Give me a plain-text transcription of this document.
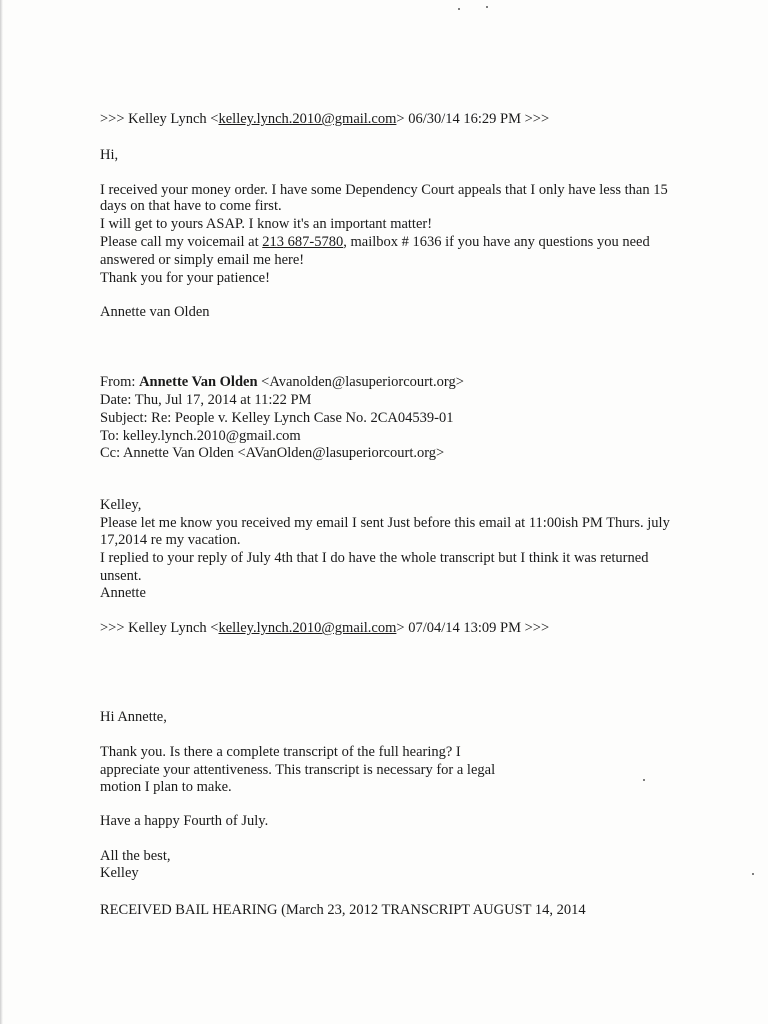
>>> Kelley Lynch <kelley.lynch.2010@gmail.com> 06/30/14 16:29 PM >>>
Hi,
I received your money order. I have some Dependency Court appeals that I only have less than 15
days on that have to come first.
I will get to yours ASAP. I know it's an important matter!
Please call my voicemail at 213 687-5780, mailbox # 1636 if you have any questions you need
answered or simply email me here!
Thank you for your patience!
Annette van Olden
From: Annette Van Olden <Avanolden@lasuperiorcourt.org>
Date: Thu, Jul 17, 2014 at 11:22 PM
Subject: Re: People v. Kelley Lynch Case No. 2CA04539-01
To: kelley.lynch.2010@gmail.com
Cc: Annette Van Olden <AVanOlden@lasuperiorcourt.org>
Kelley,
Please let me know you received my email I sent Just before this email at 11:00ish PM Thurs. july
17,2014 re my vacation.
I replied to your reply of July 4th that I do have the whole transcript but I think it was returned
unsent.
Annette
>>> Kelley Lynch <kelley.lynch.2010@gmail.com> 07/04/14 13:09 PM >>>
Hi Annette,
Thank you. Is there a complete transcript of the full hearing? I
appreciate your attentiveness. This transcript is necessary for a legal
motion I plan to make.
Have a happy Fourth of July.
All the best,
Kelley
RECEIVED BAIL HEARING (March 23, 2012 TRANSCRIPT AUGUST 14, 2014
